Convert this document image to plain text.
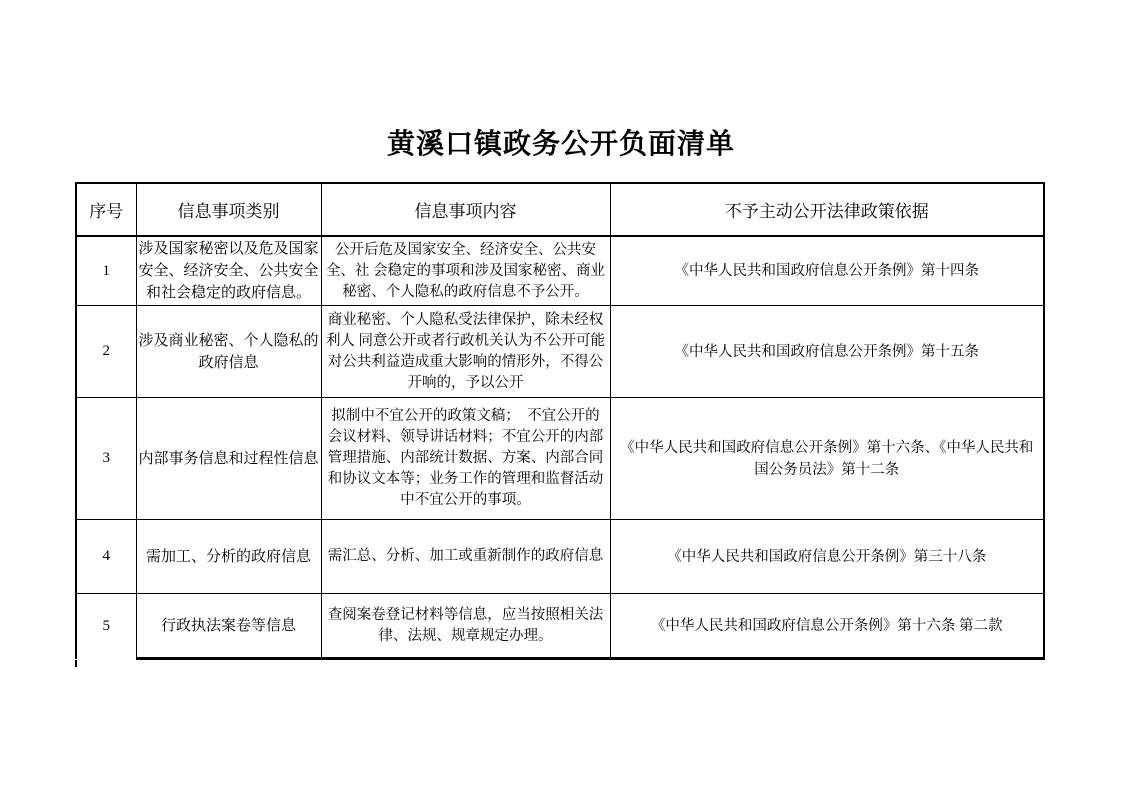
黄溪口镇政务公开负面清单
序号	信息事项类别	信息事项内容	不予主动公开法律政策依据
1	涉及国家秘密以及危及国家安全、经济安全、公共安全和社会稳定的政府信息。	公开后危及国家安全、经济安全、公共安全、社 会稳定的事项和涉及国家秘密、商业秘密、个人隐私的政府信息不予公开。	《中华人民共和国政府信息公开条例》第十四条
2	涉及商业秘密、个人隐私的政府信息	商业秘密、个人隐私受法律保护，除未经权利人 同意公开或者行政机关认为不公开可能对公共利益造成重大影响的情形外，不得公开响的，予以公开	《中华人民共和国政府信息公开条例》第十五条
3	内部事务信息和过程性信息	拟制中不宜公开的政策文稿；  不宜公开的会议材料、领导讲话材料；不宜公开的内部管理措施、内部统计数据、方案、内部合同和协议文本等；业务工作的管理和监督活动中不宜公开的事项。	《中华人民共和国政府信息公开条例》第十六条、《中华人民共和国公务员法》第十二条
4	需加工、分析的政府信息	需汇总、分析、加工或重新制作的政府信息	《中华人民共和国政府信息公开条例》第三十八条
5	行政执法案卷等信息	查阅案卷登记材料等信息，应当按照相关法律、法规、规章规定办理。	《中华人民共和国政府信息公开条例》第十六条 第二款
